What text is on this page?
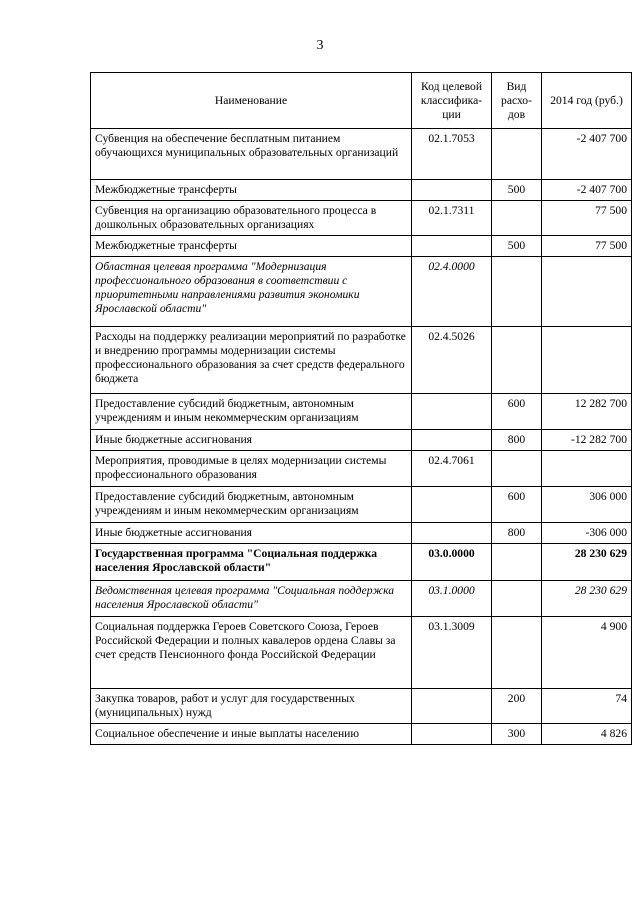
3
Наименование	Код целевой классифика-ции	Вид расхо-дов	2014 год (руб.)
Субвенция на обеспечение бесплатным питанием обучающихся муниципальных образовательных организаций	02.1.7053		-2 407 700
Межбюджетные трансферты		500	-2 407 700
Субвенция на организацию образовательного процесса в дошкольных образовательных организациях	02.1.7311		77 500
Межбюджетные трансферты		500	77 500
Областная целевая программа "Модернизация профессионального образования в соответствии с приоритетными направлениями развития экономики Ярославской области"	02.4.0000		
Расходы на поддержку реализации мероприятий по разработке и внедрению программы модернизации системы профессионального образования за счет средств федерального бюджета	02.4.5026		
Предоставление субсидий бюджетным, автономным учреждениям и иным некоммерческим организациям		600	12 282 700
Иные бюджетные ассигнования		800	-12 282 700
Мероприятия, проводимые в целях модернизации системы профессионального образования	02.4.7061		
Предоставление субсидий бюджетным, автономным учреждениям и иным некоммерческим организациям		600	306 000
Иные бюджетные ассигнования		800	-306 000
Государственная программа "Социальная поддержка населения Ярославской области"	03.0.0000		28 230 629
Ведомственная целевая программа "Социальная поддержка населения Ярославской области"	03.1.0000		28 230 629
Социальная поддержка Героев Советского Союза, Героев Российской Федерации и полных кавалеров ордена Славы за счет средств Пенсионного фонда Российской Федерации	03.1.3009		4 900
Закупка товаров, работ и услуг для государственных (муниципальных) нужд		200	74
Социальное обеспечение и иные выплаты населению		300	4 826
